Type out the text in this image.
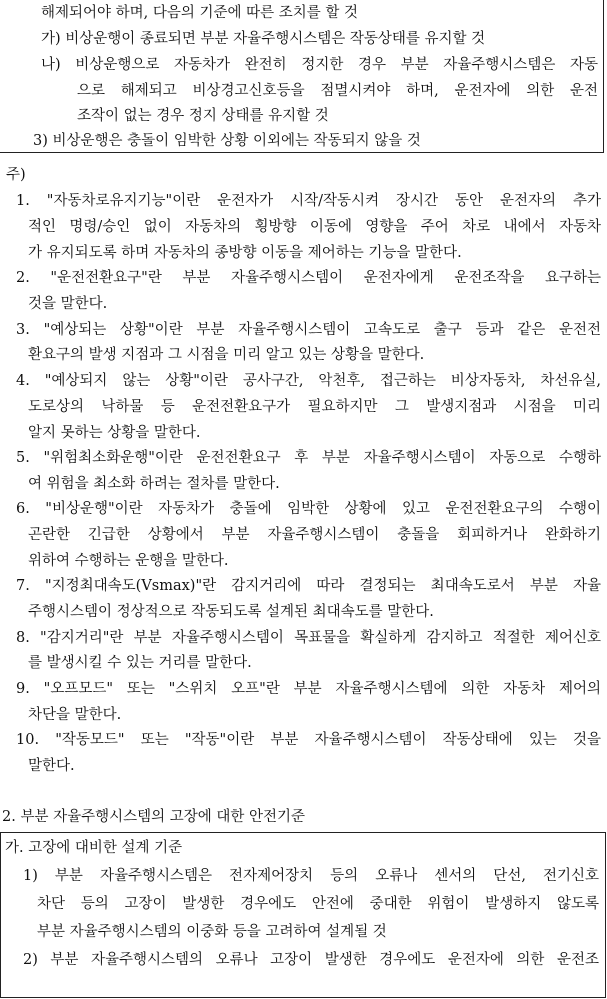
해제되어야 하며, 다음의 기준에 따른 조치를 할 것
가) 비상운행이 종료되면 부분 자율주행시스템은 작동상태를 유지할 것
나) 비상운행으로 자동차가 완전히 정지한 경우 부분 자율주행시스템은 자동
으로 해제되고 비상경고신호등을 점멸시켜야 하며, 운전자에 의한 운전
조작이 없는 경우 정지 상태를 유지할 것
3) 비상운행은 충돌이 임박한 상황 이외에는 작동되지 않을 것
주)
1. "자동차로유지기능"이란 운전자가 시작/작동시켜 장시간 동안 운전자의 추가
적인 명령/승인 없이 자동차의 횡방향 이동에 영향을 주어 차로 내에서 자동차
가 유지되도록 하며 자동차의 종방향 이동을 제어하는 기능을 말한다.
2. "운전전환요구"란 부분 자율주행시스템이 운전자에게 운전조작을 요구하는
것을 말한다.
3. "예상되는 상황"이란 부분 자율주행시스템이 고속도로 출구 등과 같은 운전전
환요구의 발생 지점과 그 시점을 미리 알고 있는 상황을 말한다.
4. "예상되지 않는 상황"이란 공사구간, 악천후, 접근하는 비상자동차, 차선유실,
도로상의 낙하물 등 운전전환요구가 필요하지만 그 발생지점과 시점을 미리
알지 못하는 상황을 말한다.
5. "위험최소화운행"이란 운전전환요구 후 부분 자율주행시스템이 자동으로 수행하
여 위험을 최소화 하려는 절차를 말한다.
6. "비상운행"이란 자동차가 충돌에 임박한 상황에 있고 운전전환요구의 수행이
곤란한 긴급한 상황에서 부분 자율주행시스템이 충돌을 회피하거나 완화하기
위하여 수행하는 운행을 말한다.
7. "지정최대속도(Vsmax)"란 감지거리에 따라 결정되는 최대속도로서 부분 자율
주행시스템이 정상적으로 작동되도록 설계된 최대속도를 말한다.
8. "감지거리"란 부분 자율주행시스템이 목표물을 확실하게 감지하고 적절한 제어신호
를 발생시킬 수 있는 거리를 말한다.
9. "오프모드" 또는 "스위치 오프"란 부분 자율주행시스템에 의한 자동차 제어의
차단을 말한다.
10. "작동모드" 또는 "작동"이란 부분 자율주행시스템이 작동상태에 있는 것을
말한다.
2. 부분 자율주행시스템의 고장에 대한 안전기준
가. 고장에 대비한 설계 기준
1) 부분 자율주행시스템은 전자제어장치 등의 오류나 센서의 단선, 전기신호
차단 등의 고장이 발생한 경우에도 안전에 중대한 위험이 발생하지 않도록
부분 자율주행시스템의 이중화 등을 고려하여 설계될 것
2) 부분 자율주행시스템의 오류나 고장이 발생한 경우에도 운전자에 의한 운전조
